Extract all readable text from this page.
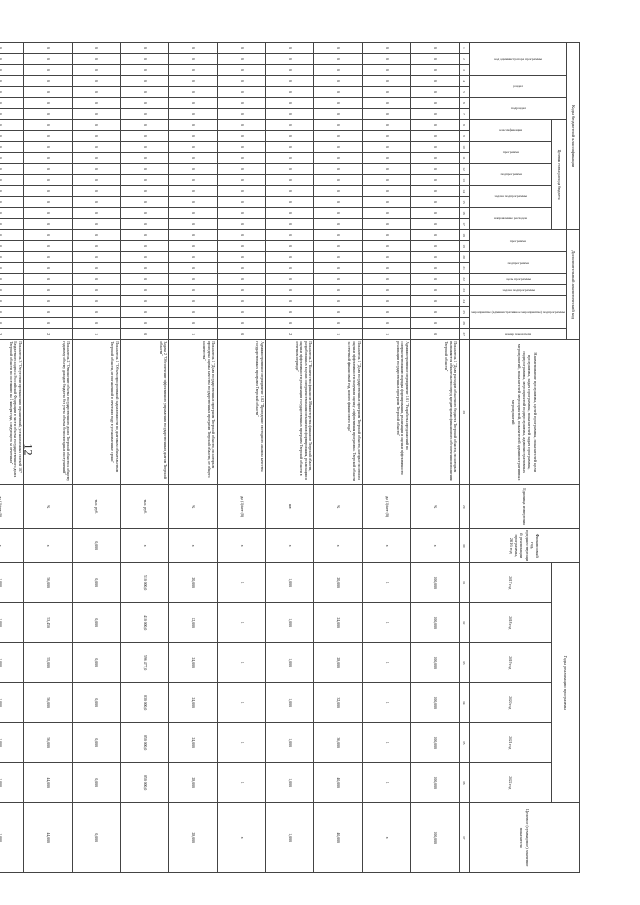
12
Коды бюджетной классификации																	Дополнительный аналитический код										Наименование программы, целей программы, показателей цели программы, задач программы, показателей задач программы, подпрограммы, мероприятий подпрограммы, административных мероприятий, показателей мероприятий, показателей административных мероприятий	Единица измерения	Финансовый год, предшествующий реализации программы, 2016 год	Годы реализации программы						Целевое (суммарное) значение показателя
код администратора программы			раздел		подраздел		Целевая статья расхода бюджета										программа		подпрограмма		цель программы	задача подпрограммы	мероприятие (административное мероприятие) подпрограммы			номер показателя										
							классификация		программа		подпрограмма		задача подпрограммы		направление расходов															2017 год	2018 год	2019 год	2020 год	2021 год	2022 год	
1	2	3	4	5	6	7	8	9	10	11	12	13	14	15	16	17	18	19	20	21	22	23	24	25	26	27	28	29	30	31	32	33	34	35	36	37
0	0	0	0	0	0	0	0	0	0	0	0	0	0	0	0	0	0	0	0	0	0	0	0	0	0	0	Показатель 1 "Доля расходов областного бюджета Тверской области, по которым выполняется обязательство перед кредиторами финансового обеспечения исполнения Тверской области"	%	х	100,000	100,000	100,000	100,000	100,000	100,000	100,000
0	0	0	0	0	0	0	0	0	0	0	0	0	0	0	0	0	0	0	0	0	0	0	0	0	0	1	Административное мероприятие 1.01 "Разработка предложений по совершенствованию порядка формирования, реализации и оценки эффективности реализации государственных программ Тверской области"	да (1)/нет (0)	х	1	1	1	1	1	1	х
0	0	0	0	0	0	0	0	0	0	0	0	0	0	0	0	0	0	0	0	0	0	0	0	0	0	1	Показатель 1 "Доля государственных программ Тверской области, которые по итогам оценки эффективности получили оценку «эффективная программа» Тверской области за отчетный финансовый год, нового финансового года"	%	х	20,000	24,000	28,000	32,000	36,000	40,000	40,000
0	0	0	0	0	0	0	0	0	0	0	0	0	0	0	0	0	0	0	0	0	0	0	0	0	0	2	Показатель 2 "Количество финансов Министерства финансов Тверской области, разработанных в целях совершенствования механизмов формирования, реализации и оценки эффективности реализации государственных программ Тверской области в отчетном периоде"	шт.	х	1,000	1,000	1,000	1,000	1,000	1,000	1,000
0	0	0	0	0	0	0	0	0	0	0	0	0	0	0	0	0	0	0	0	0	0	0	0	0	0	0	Административное мероприятие 1.02 "Проведение ежегодного анализа качества государственных программ Тверской области"	да (1)/нет (0)	х	1	1	1	1	1	1	х
0	0	0	0	0	0	0	0	0	0	0	0	0	0	0	0	0	0	0	0	0	0	0	0	0	0	1	Показатель 1 "Доля государственных программ Тверской области, по которым проведена оценка качества государственных программ Тверской области, от общего количества"	%	х	20,000	12,000	24,000	24,000	24,000	28,000	28,000
0	0	0	0	0	0	0	0	0	0	0	0	0	0	0	0	0	0	0	0	0	0	0	0	0	0	0	Задача 2 "Обеспечение эффективного управления государственным долгом Тверской области"	тыс. руб.	х	510 000,0	410 000,0	596 477,0	830 000,0	850 000,0	850 000,0	
0	0	0	0	0	0	0	0	0	0	0	0	0	0	0	0	0	0	0	0	0	0	0	0	0	0	1	Показатель 1 "Объем просроченной задолженности по долговым обязательствам Тверской области, не погашенной в отчетном году в установленные сроки"	тыс. руб.	0,000	0,000	0,000	0,000	0,000	0,000	0,000	0,000
0	0	0	0	0	0	0	0	0	0	0	0	0	0	0	0	0	0	0	0	0	0	0	0	0	0	2	Показатель 2 "Отношение объема государственного долга Тверской области к общему годовому объему доходов бюджета без учета объема безвозмездных поступлений"	%	х	56,000	53,450	55,000	56,000	56,000	44,000	44,000
																											Показатель 3 "Отсутствие превышения ограничений, установленных статьей 107 Бюджетного кодекса Российской Федерации в части объема государственного долга Тверской области по состоянию на 1 января года, следующего за отчетным"									
